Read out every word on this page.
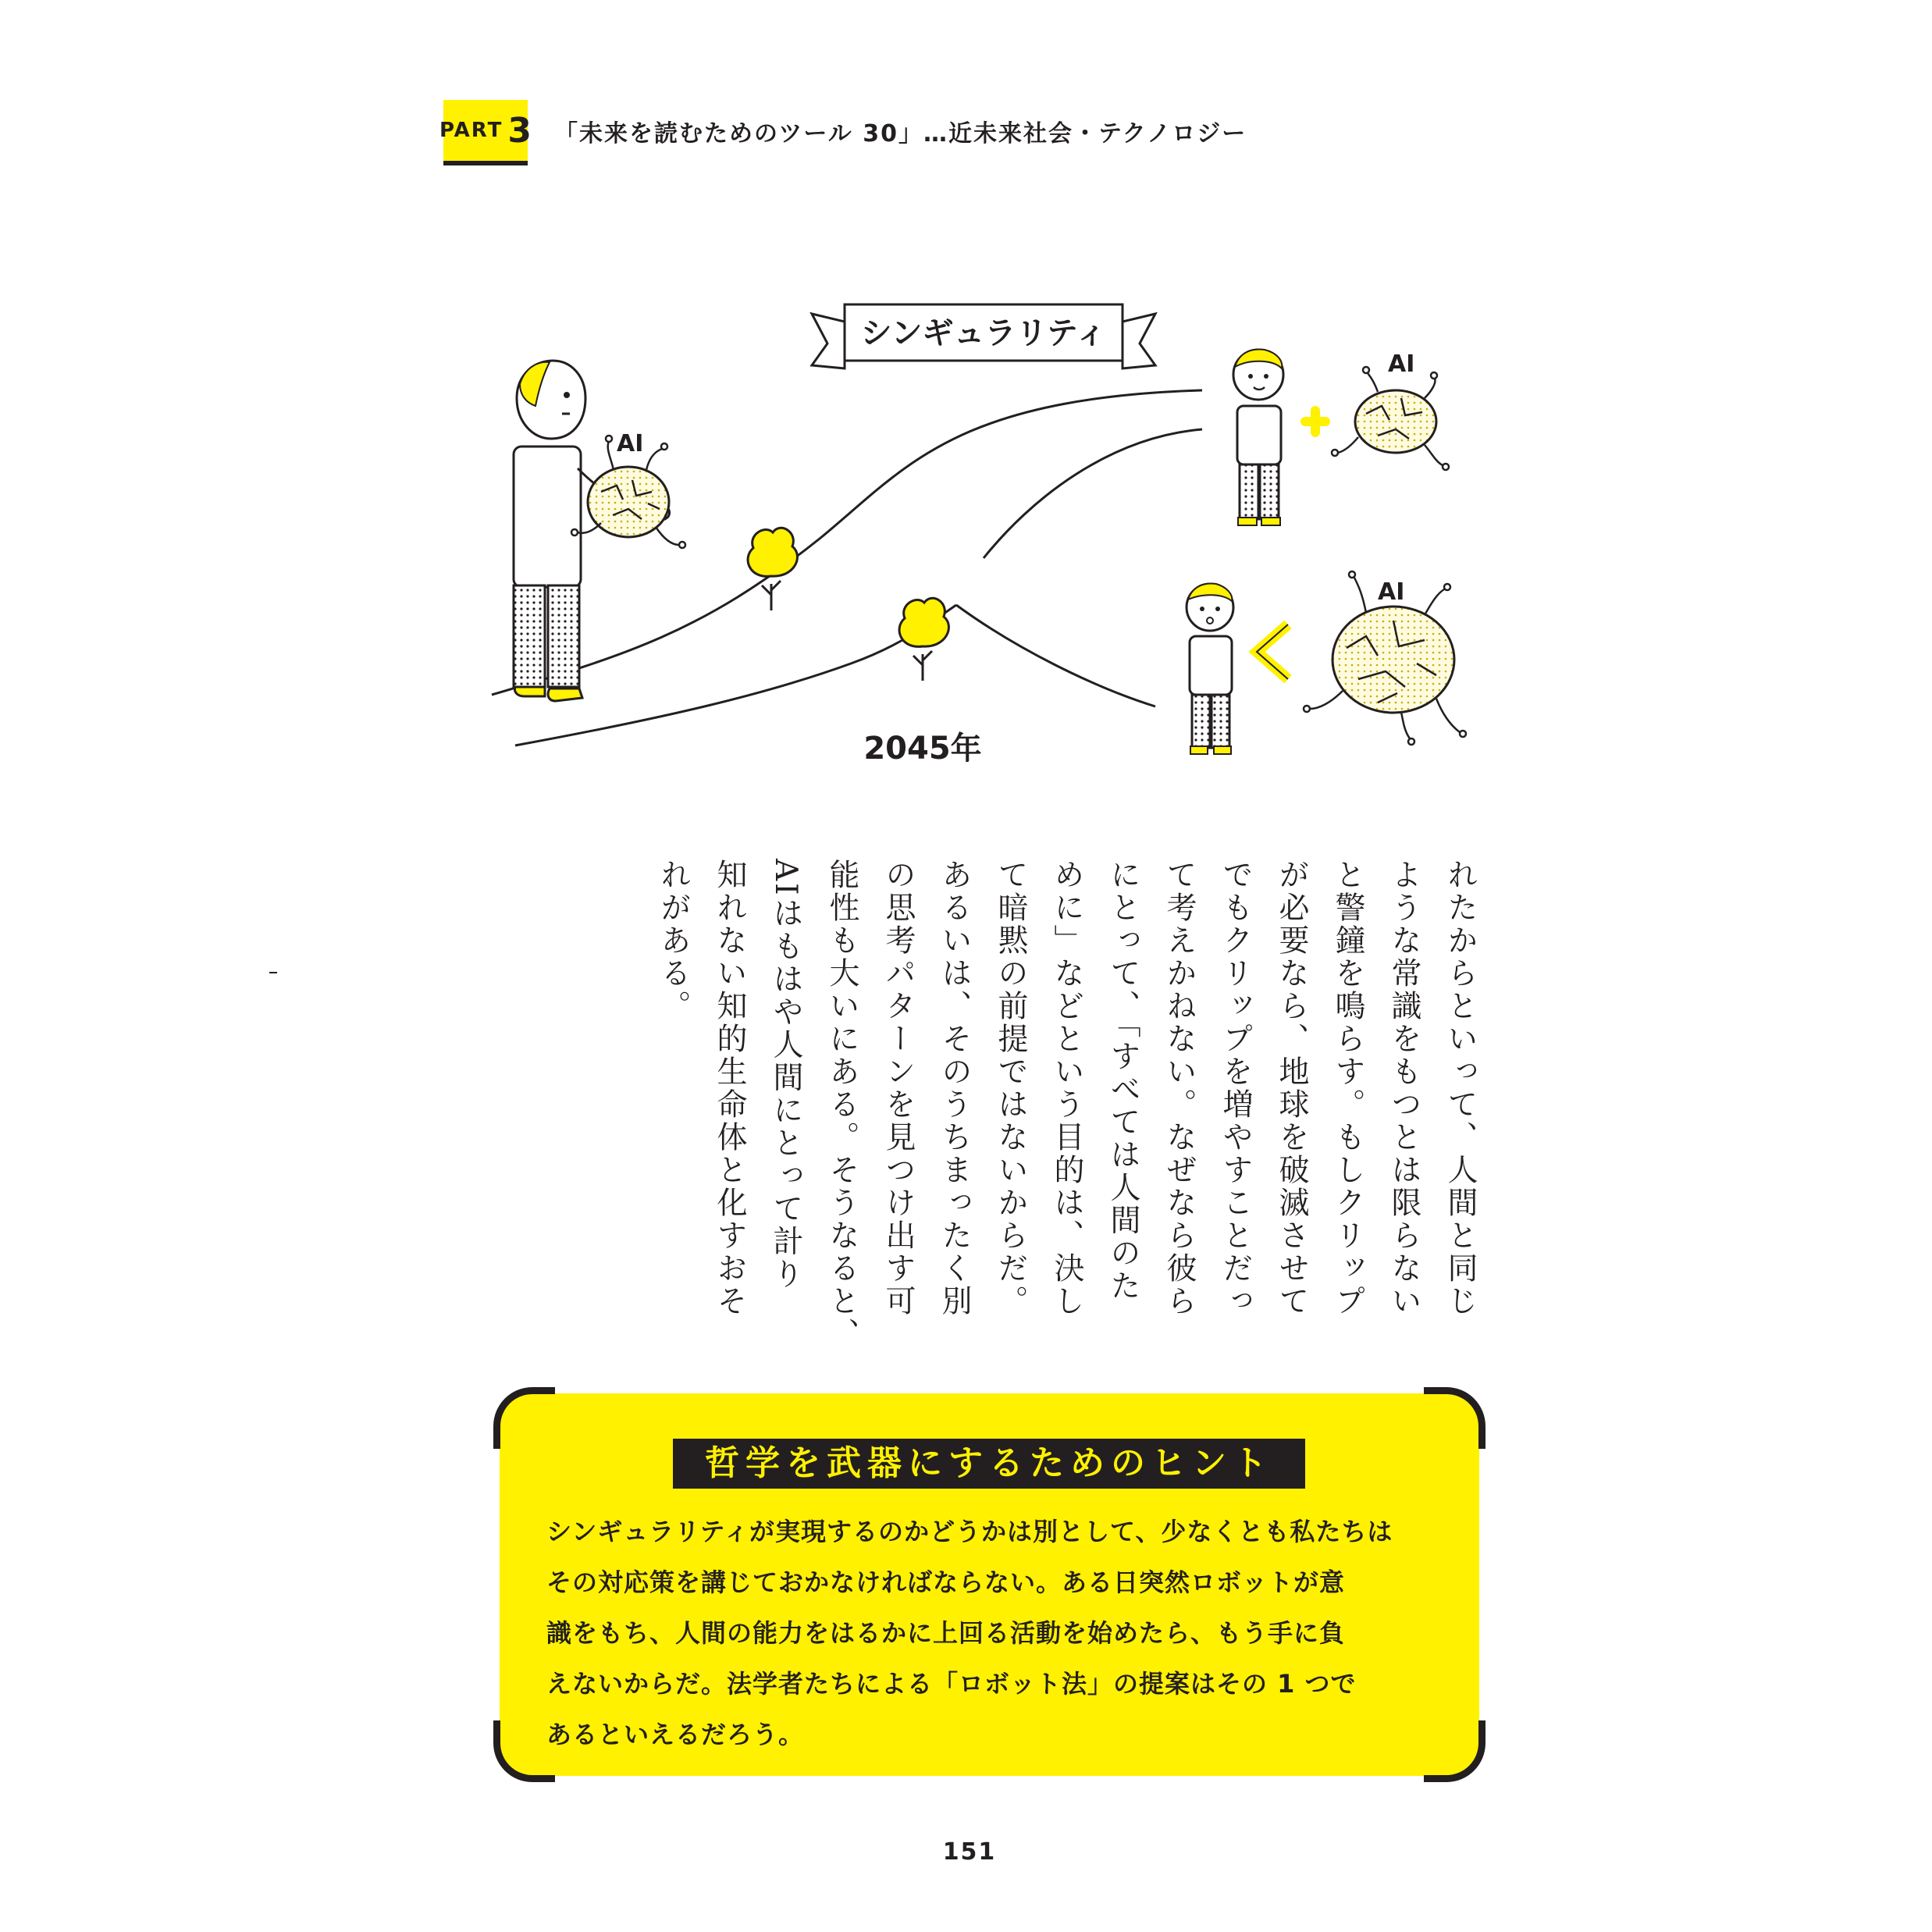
PART 3 「未来を読むためのツール 30」…近未来社会・テクノロジー
シンギュラリティ
AI
AI
AI
2045年
れたからといって、人間と同じ
ような常識をもつとは限らない
と警鐘を鳴らす。もしクリップ
が必要なら、地球を破滅させて
でもクリップを増やすことだっ
て考えかねない。なぜなら彼ら
にとって、「すべては人間のた
めに」などという目的は、決し
て暗黙の前提ではないからだ。
あるいは、そのうちまったく別
の思考パターンを見つけ出す可
能性も大いにある。そうなると、
AIはもはや人間にとって計り
知れない知的生命体と化すおそ
れがある。
哲学を武器にするためのヒント
シンギュラリティが実現するのかどうかは別として、少なくとも私たちは
その対応策を講じておかなければならない。ある日突然ロボットが意
識をもち、人間の能力をはるかに上回る活動を始めたら、もう手に負
えないからだ。法学者たちによる「ロボット法」の提案はその 1 つで
あるといえるだろう。
151
